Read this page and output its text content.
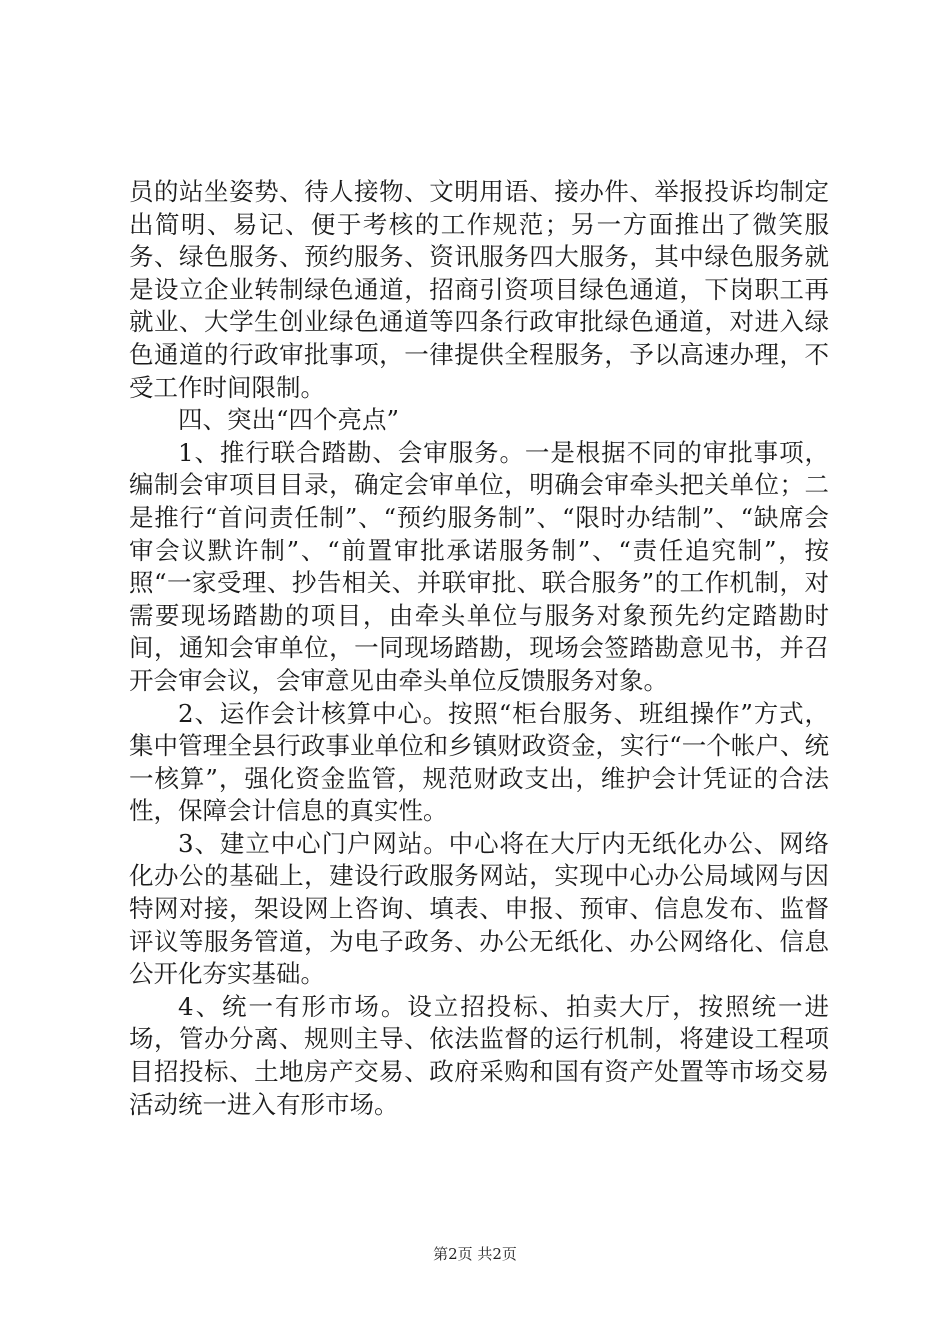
员的站坐姿势、待人接物、文明用语、接办件、举报投诉均制定出简明、易记、便于考核的工作规范；另一方面推出了微笑服务、绿色服务、预约服务、资讯服务四大服务，其中绿色服务就是设立企业转制绿色通道，招商引资项目绿色通道，下岗职工再就业、大学生创业绿色通道等四条行政审批绿色通道，对进入绿色通道的行政审批事项，一律提供全程服务，予以高速办理，不受工作时间限制。

四、突出“四个亮点”

1、推行联合踏勘、会审服务。一是根据不同的审批事项，编制会审项目目录，确定会审单位，明确会审牵头把关单位；二是推行“首问责任制”、“预约服务制”、“限时办结制”、“缺席会审会议默许制”、“前置审批承诺服务制”、“责任追究制”，按照“一家受理、抄告相关、并联审批、联合服务”的工作机制，对需要现场踏勘的项目，由牵头单位与服务对象预先约定踏勘时间，通知会审单位，一同现场踏勘，现场会签踏勘意见书，并召开会审会议，会审意见由牵头单位反馈服务对象。

2、运作会计核算中心。按照“柜台服务、班组操作”方式，集中管理全县行政事业单位和乡镇财政资金，实行“一个帐户、统一核算”，强化资金监管，规范财政支出，维护会计凭证的合法性，保障会计信息的真实性。

3、建立中心门户网站。中心将在大厅内无纸化办公、网络化办公的基础上，建设行政服务网站，实现中心办公局域网与因特网对接，架设网上咨询、填表、申报、预审、信息发布、监督评议等服务管道，为电子政务、办公无纸化、办公网络化、信息公开化夯实基础。

4、统一有形市场。设立招投标、拍卖大厅，按照统一进场，管办分离、规则主导、依法监督的运行机制，将建设工程项目招投标、土地房产交易、政府采购和国有资产处置等市场交易活动统一进入有形市场。

第2页 共2页
